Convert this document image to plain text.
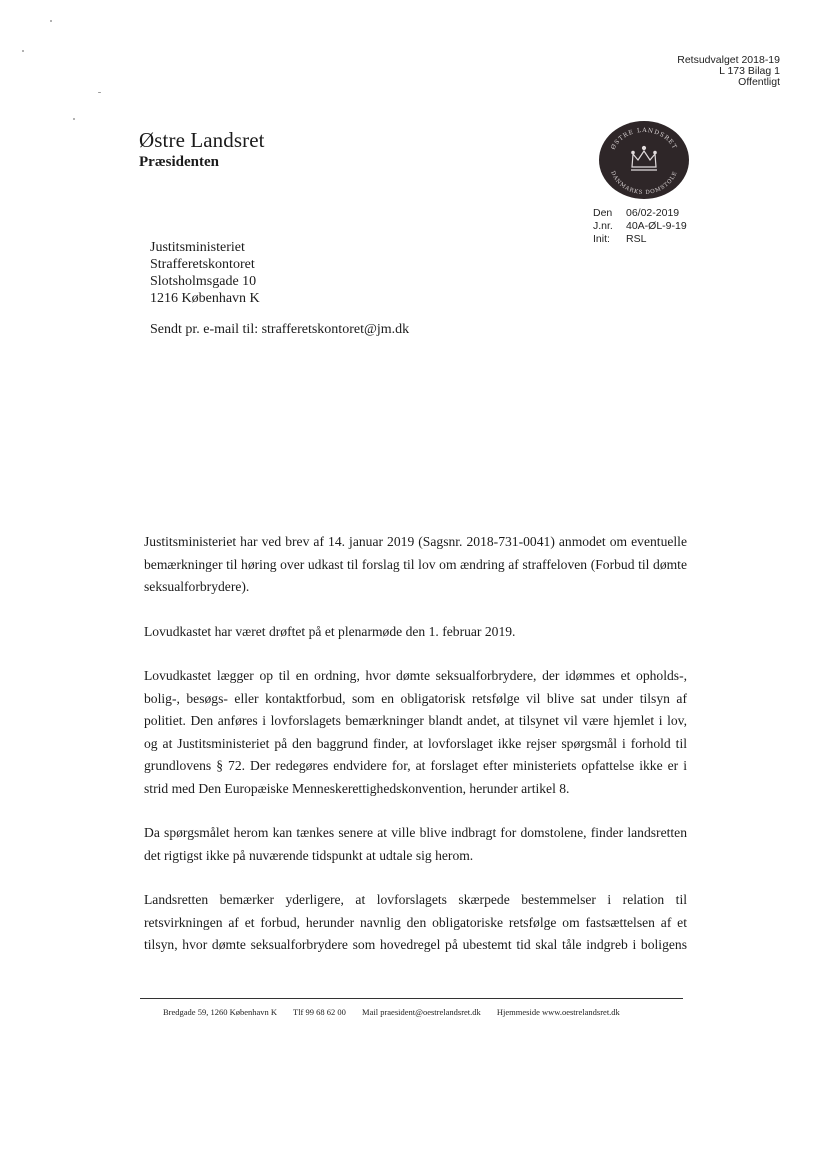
Retsudvalget 2018-19
L 173 Bilag 1
Offentligt
Østre Landsret
Præsidenten
ØSTRE LANDSRET
DANMARKS DOMSTOLE
Den 06/02-2019
J.nr. 40A-ØL-9-19
Init: RSL
Justitsministeriet
Strafferetskontoret
Slotsholmsgade 10
1216 København K
Sendt pr. e-mail til: strafferetskontoret@jm.dk

Justitsministeriet har ved brev af 14. januar 2019 (Sagsnr. 2018-731-0041) anmodet om eventuelle bemærkninger til høring over udkast til forslag til lov om ændring af straffeloven (Forbud til dømte seksualforbrydere).

Lovudkastet har været drøftet på et plenarmøde den 1. februar 2019.

Lovudkastet lægger op til en ordning, hvor dømte seksualforbrydere, der idømmes et opholds-, bolig-, besøgs- eller kontaktforbud, som en obligatorisk retsfølge vil blive sat under tilsyn af politiet. Den anføres i lovforslagets bemærkninger blandt andet, at tilsynet vil være hjemlet i lov, og at Justitsministeriet på den baggrund finder, at lovforslaget ikke rejser spørgsmål i forhold til grundlovens § 72. Der redegøres endvidere for, at forslaget efter ministeriets opfattelse ikke er i strid med Den Europæiske Menneskerettighedskonvention, herunder artikel 8.

Da spørgsmålet herom kan tænkes senere at ville blive indbragt for domstolene, finder landsretten det rigtigst ikke på nuværende tidspunkt at udtale sig herom.

Landsretten bemærker yderligere, at lovforslagets skærpede bestemmelser i relation til retsvirkningen af et forbud, herunder navnlig den obligatoriske retsfølge om fastsættelsen af et tilsyn, hvor dømte seksualforbrydere som hovedregel på ubestemt tid skal tåle indgreb i boligens

Bredgade 59, 1260 København K Tlf 99 68 62 00 Mail praesident@oestrelandsret.dk Hjemmeside www.oestrelandsret.dk
